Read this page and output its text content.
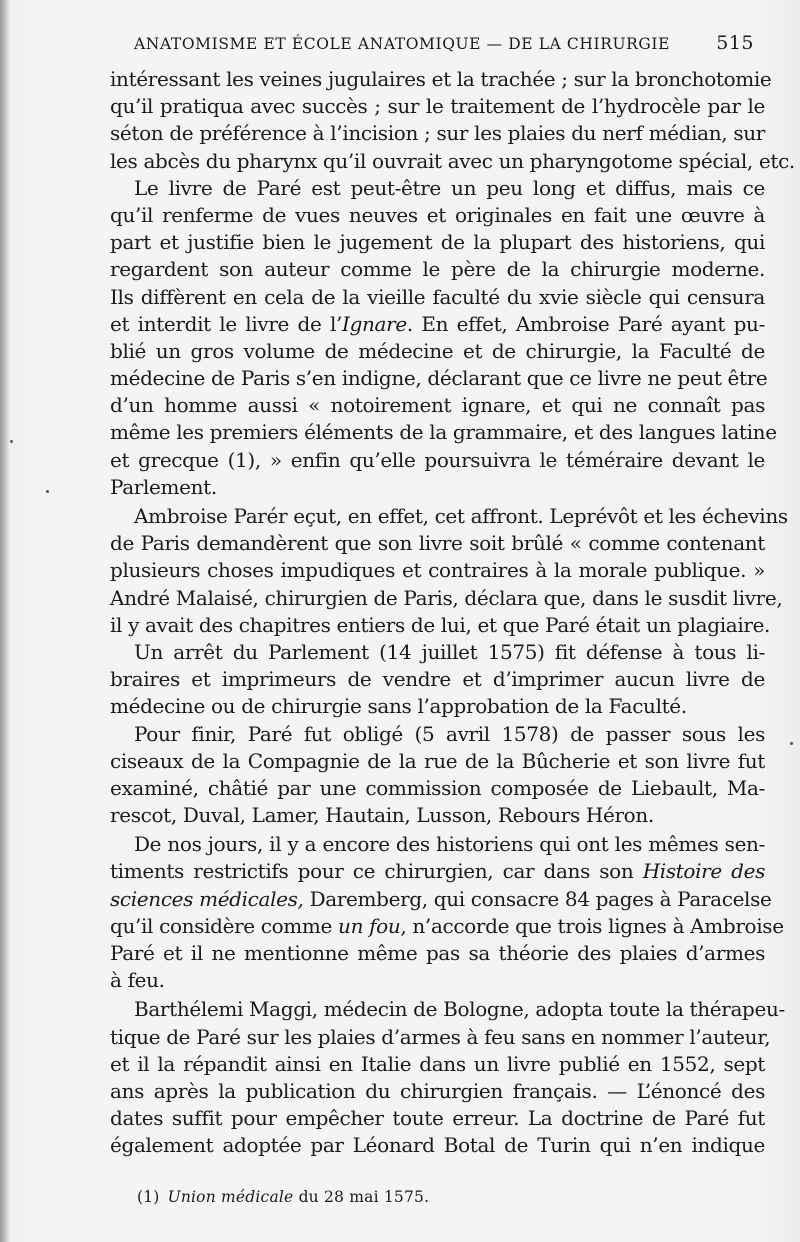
ANATOMISME ET ÉCOLE ANATOMIQUE — DE LA CHIRURGIE 515
intéressant les veines jugulaires et la trachée ; sur la bronchotomie
qu’il pratiqua avec succès ; sur le traitement de l’hydrocèle par le
séton de préférence à l’incision ; sur les plaies du nerf médian, sur
les abcès du pharynx qu’il ouvrait avec un pharyngotome spécial, etc.
Le livre de Paré est peut-être un peu long et diffus, mais ce
qu’il renferme de vues neuves et originales en fait une œuvre à
part et justifie bien le jugement de la plupart des historiens, qui
regardent son auteur comme le père de la chirurgie moderne.
Ils diffèrent en cela de la vieille faculté du xvie siècle qui censura
et interdit le livre de l’Ignare. En effet, Ambroise Paré ayant pu-
blié un gros volume de médecine et de chirurgie, la Faculté de
médecine de Paris s’en indigne, déclarant que ce livre ne peut être
d’un homme aussi « notoirement ignare, et qui ne connaît pas
même les premiers éléments de la grammaire, et des langues latine
et grecque (1), » enfin qu’elle poursuivra le téméraire devant le
Parlement.
Ambroise Parér eçut, en effet, cet affront. Leprévôt et les échevins
de Paris demandèrent que son livre soit brûlé « comme contenant
plusieurs choses impudiques et contraires à la morale publique. »
André Malaisé, chirurgien de Paris, déclara que, dans le susdit livre,
il y avait des chapitres entiers de lui, et que Paré était un plagiaire.
Un arrêt du Parlement (14 juillet 1575) fit défense à tous li-
braires et imprimeurs de vendre et d’imprimer aucun livre de
médecine ou de chirurgie sans l’approbation de la Faculté.
Pour finir, Paré fut obligé (5 avril 1578) de passer sous les
ciseaux de la Compagnie de la rue de la Bûcherie et son livre fut
examiné, châtié par une commission composée de Liebault, Ma-
rescot, Duval, Lamer, Hautain, Lusson, Rebours Héron.
De nos jours, il y a encore des historiens qui ont les mêmes sen-
timents restrictifs pour ce chirurgien, car dans son Histoire des
sciences médicales, Daremberg, qui consacre 84 pages à Paracelse
qu’il considère comme un fou, n’accorde que trois lignes à Ambroise
Paré et il ne mentionne même pas sa théorie des plaies d’armes
à feu.
Barthélemi Maggi, médecin de Bologne, adopta toute la thérapeu-
tique de Paré sur les plaies d’armes à feu sans en nommer l’auteur,
et il la répandit ainsi en Italie dans un livre publié en 1552, sept
ans après la publication du chirurgien français. — L’énoncé des
dates suffit pour empêcher toute erreur. La doctrine de Paré fut
également adoptée par Léonard Botal de Turin qui n’en indique
(1) Union médicale du 28 mai 1575.
